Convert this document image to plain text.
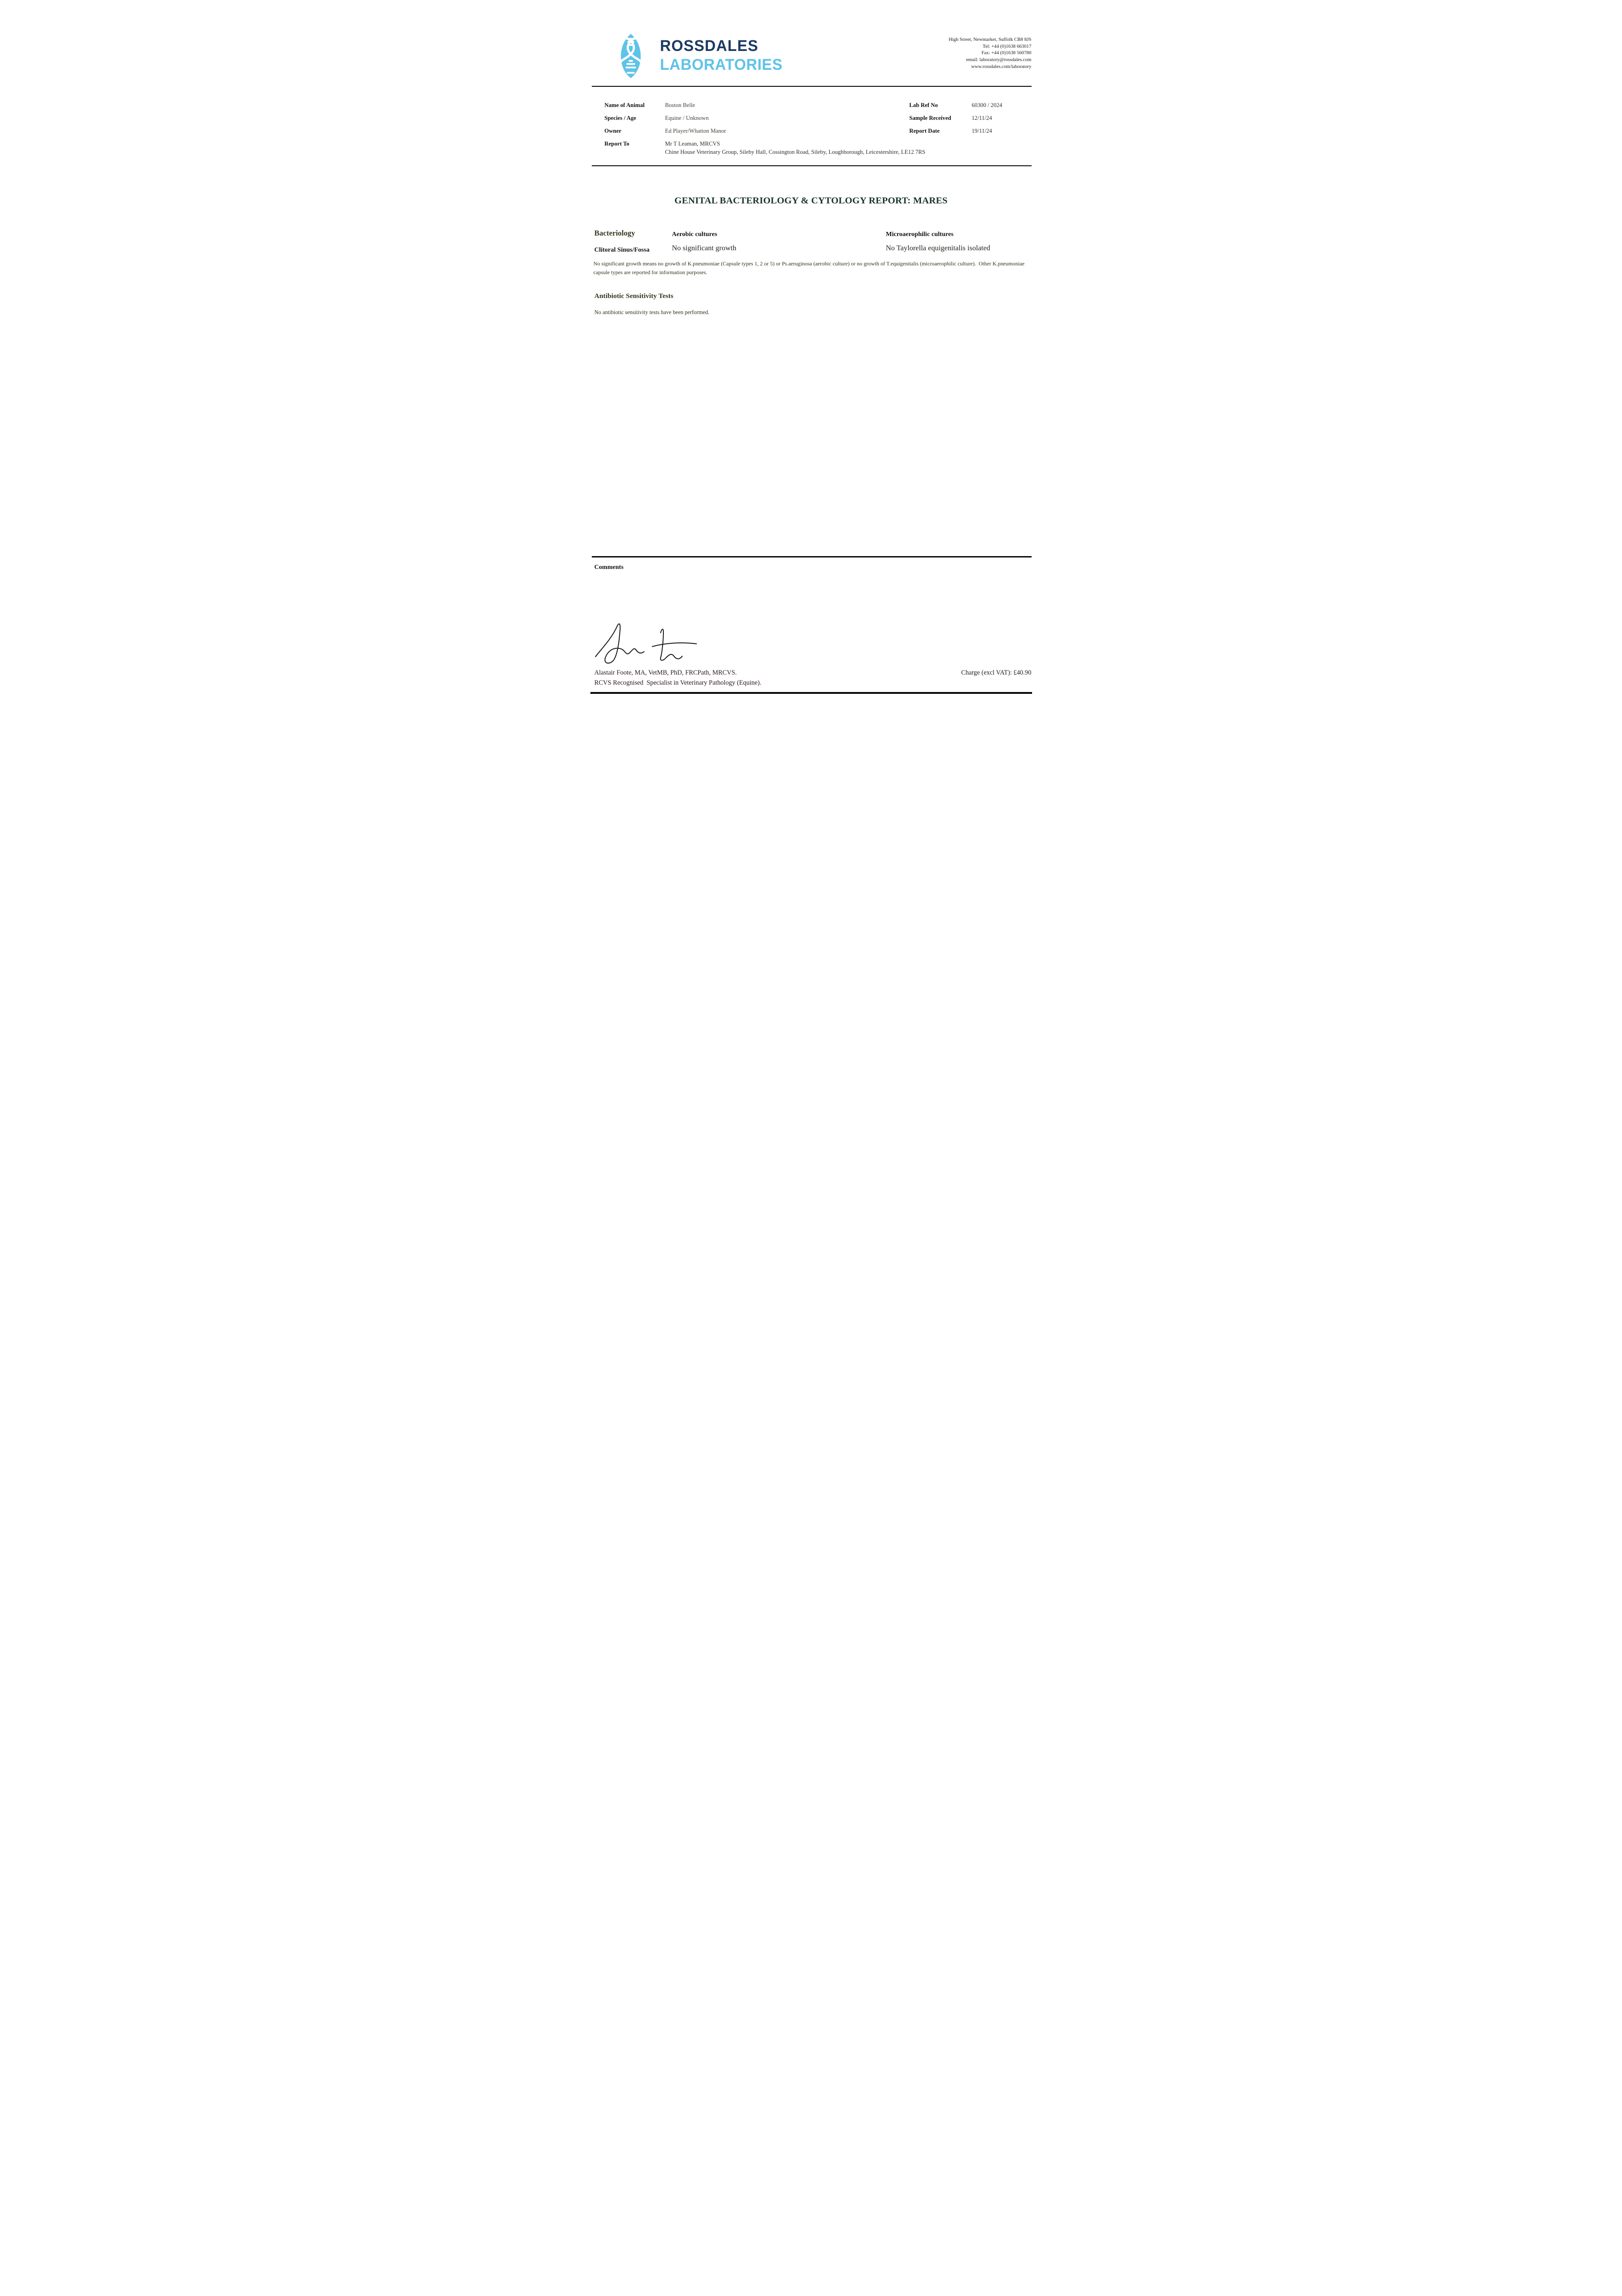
ROSSDALES
LABORATORIES
High Street, Newmarket, Suffolk CB8 8JS
Tel: +44 (0)1638 663017
Fax: +44 (0)1638 560780
email: laboratory@rossdales.com
www.rossdales.com/laboratory
Name of Animal	Boston Belle
Species / Age	Equine / Unknown
Owner	Ed Player/Whatton Manor
Report To	Mr T Leaman, MRCVS
Chine House Veterinary Group, Sileby Hall, Cossington Road, Sileby, Loughborough, Leicestershire, LE12 7RS
Lab Ref No	60300 / 2024
Sample Received	12/11/24
Report Date	19/11/24
GENITAL BACTERIOLOGY & CYTOLOGY REPORT: MARES
Bacteriology	Aerobic cultures	Microaerophilic cultures
Clitoral Sinus/Fossa	No significant growth	No Taylorella equigenitalis isolated
No significant growth means no growth of K.pneumoniae (Capsule types 1, 2 or 5) or Ps.aeruginosa (aerobic culture) or no growth of T.equigenitalis (microaerophilic culture).  Other K.pneumoniae capsule types are reported for information purposes.
Antibiotic Sensitivity Tests
No antibiotic sensitivity tests have been performed.
Comments
Alastair Foote, MA, VetMB, PhD, FRCPath, MRCVS.
RCVS Recognised  Specialist in Veterinary Pathology (Equine).
Charge (excl VAT): £40.90
